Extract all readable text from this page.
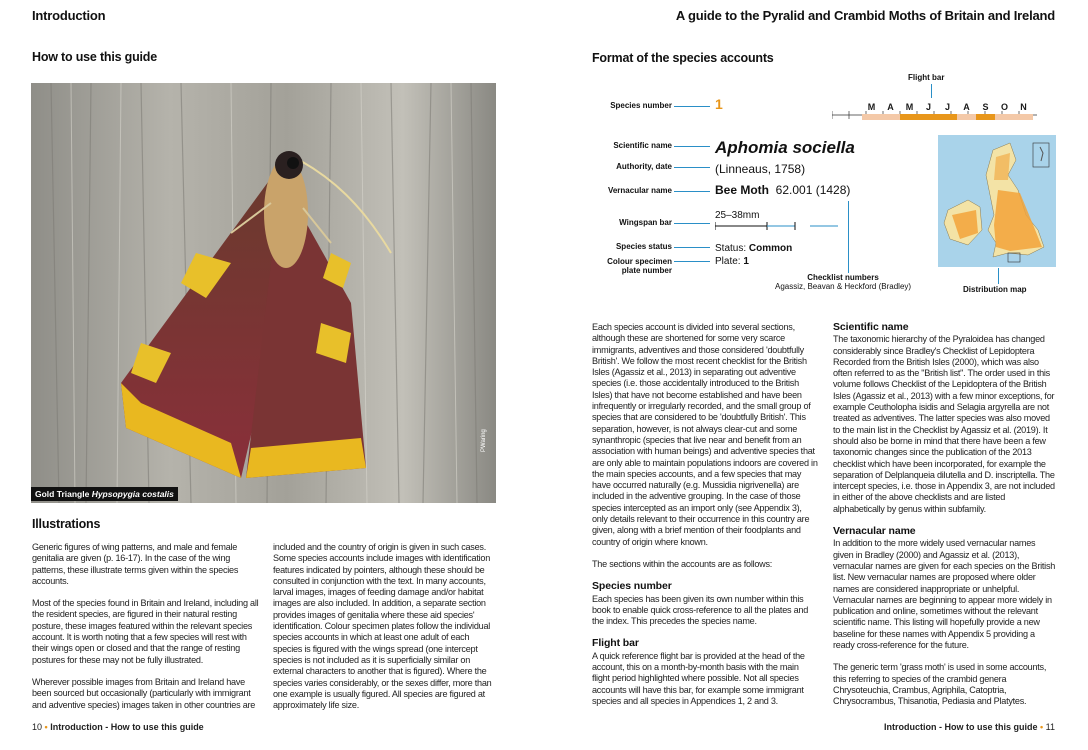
Introduction
How to use this guide
Gold Triangle Hypsopygia costalis
PWaring
Illustrations

Generic figures of wing patterns, and male and female genitalia are given (p. 16-17). In the case of the wing patterns, these illustrate terms given within the species accounts.

Most of the species found in Britain and Ireland, including all the resident species, are figured in their natural resting posture, these images featured within the relevant species account. It is worth noting that a few species will rest with their wings open or closed and that the range of resting postures for these may not be fully illustrated.

Wherever possible images from Britain and Ireland have been sourced but occasionally (particularly with immigrant and adventive species) images taken in other countries are

included and the country of origin is given in such cases. Some species accounts include images with identification features indicated by pointers, although these should be consulted in conjunction with the text. In many accounts, larval images, images of feeding damage and/or habitat images are also included. In addition, a separate section provides images of genitalia where these aid species' identification. Colour specimen plates follow the individual species accounts in which at least one adult of each species is figured with the wings spread (one intercept species is not included as it is superficially similar on external characters to another that is figured). Where the species varies considerably, or the sexes differ, more than one example is usually figured. All species are figured at approximately life size.

10 • Introduction - How to use this guide
A guide to the Pyralid and Crambid Moths of Britain and Ireland
Format of the species accounts
Flight bar
M A M J J A S O N
Species number
Scientific name
Authority, date
Vernacular name
Wingspan bar
Species status
Colour specimen
plate number
1
Aphomia sociella
(Linneaus, 1758)
Bee Moth 62.001 (1428)
25–38mm
Status: Common
Plate: 1
Checklist numbers
Agassiz, Beavan & Heckford (Bradley)	Distribution map

Each species account is divided into several sections, although these are shortened for some very scarce immigrants, adventives and those considered 'doubtfully British'. We follow the most recent checklist for the British Isles (Agassiz et al., 2013) in separating out adventive species (i.e. those accidentally introduced to the British Isles) that have not become established and have been infrequently or irregularly recorded, and the small group of species that are considered to be 'doubtfully British'. This separation, however, is not always clear-cut and some synanthropic (species that live near and benefit from an association with human beings) and adventive species that are only able to maintain populations indoors are covered in the main species accounts, and a few species that may have occurred naturally (e.g. Mussidia nigrivenella) are included in the adventive grouping. In the case of those species intercepted as an import only (see Appendix 3), only details relevant to their occurrence in this country are given, along with a brief mention of their foodplants and country of origin where known.

The sections within the accounts are as follows:

Species number

Each species has been given its own number within this book to enable quick cross-reference to all the plates and the index. This precedes the species name.

Flight bar

A quick reference flight bar is provided at the head of the account, this on a month-by-month basis with the main flight period highlighted where possible. Not all species accounts will have this bar, for example some immigrant species and all species in Appendices 1, 2 and 3.

Scientific name

The taxonomic hierarchy of the Pyraloidea has changed considerably since Bradley's Checklist of Lepidoptera Recorded from the British Isles (2000), which was also often referred to as the "British list". The order used in this volume follows Checklist of the Lepidoptera of the British Isles (Agassiz et al., 2013) with a few minor exceptions, for example Ceutholopha isidis and Selagia argyrella are not treated as adventives. The latter species was also moved to the main list in the Checklist by Agassiz et al. (2019). It should also be borne in mind that there have been a few taxonomic changes since the publication of the 2013 checklist which have been incorporated, for example the separation of Delplanqueia dilutella and D. inscriptella. The intercept species, i.e. those in Appendix 3, are not included in either of the above checklists and are listed alphabetically by genus within subfamily.

Vernacular name

In addition to the more widely used vernacular names given in Bradley (2000) and Agassiz et al. (2013), vernacular names are given for each species on the British list. New vernacular names are proposed where older names are considered inappropriate or unhelpful. Vernacular names are beginning to appear more widely in publication and online, sometimes without the relevant scientific name. This listing will hopefully provide a new baseline for these names with Appendix 5 providing a ready cross-reference for the future.

The generic term 'grass moth' is used in some accounts, this referring to species of the crambid genera Chrysoteuchia, Crambus, Agriphila, Catoptria, Chrysocrambus, Thisanotia, Pediasia and Platytes.

Introduction - How to use this guide • 11
